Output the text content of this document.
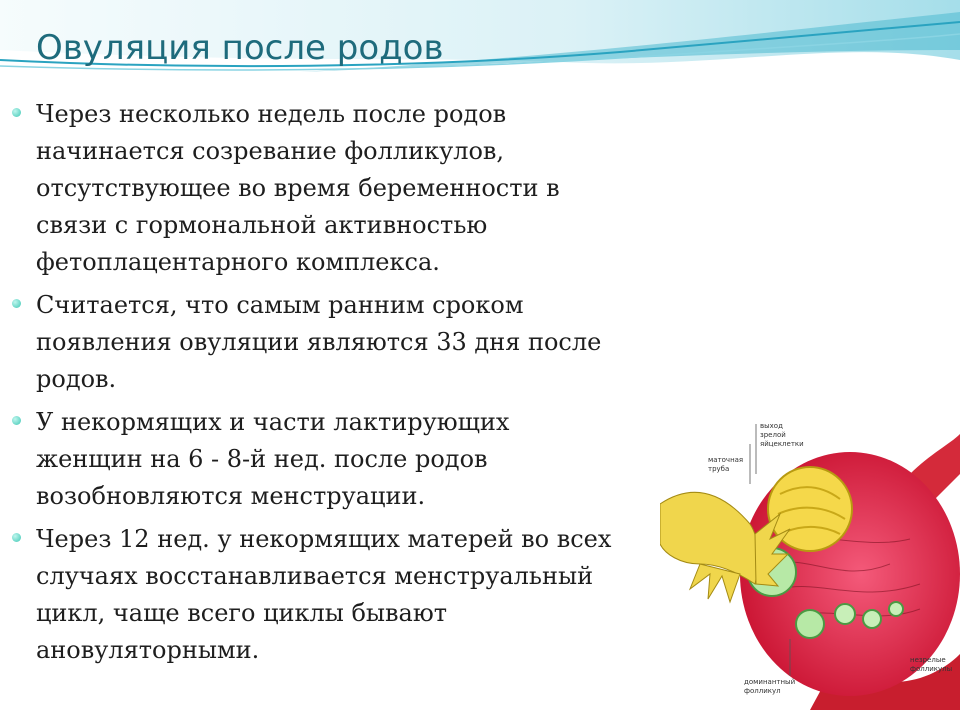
Овуляция после родов
Через несколько недель после родов начинается созревание фолликулов, отсутствующее во время беременности в связи с гормональной активностью фетоплацентарного комплекса.
Считается, что самым ранним сроком появления овуляции являются 33 дня после родов.
У некормящих и части лактирующих женщин на 6 - 8-й нед. после родов возобновляются менструации.
Через 12 нед. у некормящих матерей во всех случаях восстанавливается менструальный цикл, чаще всего циклы бывают ановуляторными.
маточная труба
выход зрелой яйцеклетки
доминантный фолликул
незрелые фолликулы
